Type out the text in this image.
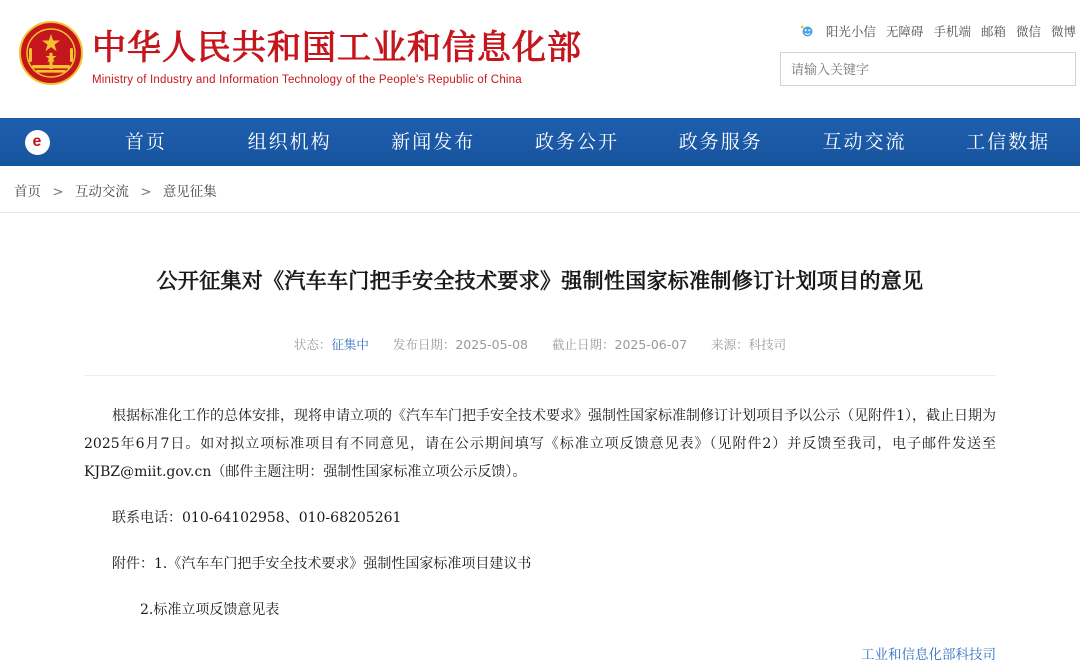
中华人民共和国工业和信息化部
Ministry of Industry and Information Technology of the People's Republic of China
阳光小信 无障碍 手机端 邮箱 微信 微博
请输入关键字
e	首页	组织机构	新闻发布	政务公开	政务服务	互动交流	工信数据
首页 > 互动交流 > 意见征集
公开征集对《汽车车门把手安全技术要求》强制性国家标准制修订计划项目的意见
状态：征集中 发布日期：2025-05-08 截止日期：2025-06-07 来源：科技司

根据标准化工作的总体安排，现将申请立项的《汽车车门把手安全技术要求》强制性国家标准制修订计划项目予以公示（见附件1），截止日期为2025年6月7日。如对拟立项标准项目有不同意见，请在公示期间填写《标准立项反馈意见表》（见附件2）并反馈至我司，电子邮件发送至KJBZ@miit.gov.cn（邮件主题注明：强制性国家标准立项公示反馈）。

联系电话：010-64102958、010-68205261

附件：1.《汽车车门把手安全技术要求》强制性国家标准项目建议书

2.标准立项反馈意见表

工业和信息化部科技司
